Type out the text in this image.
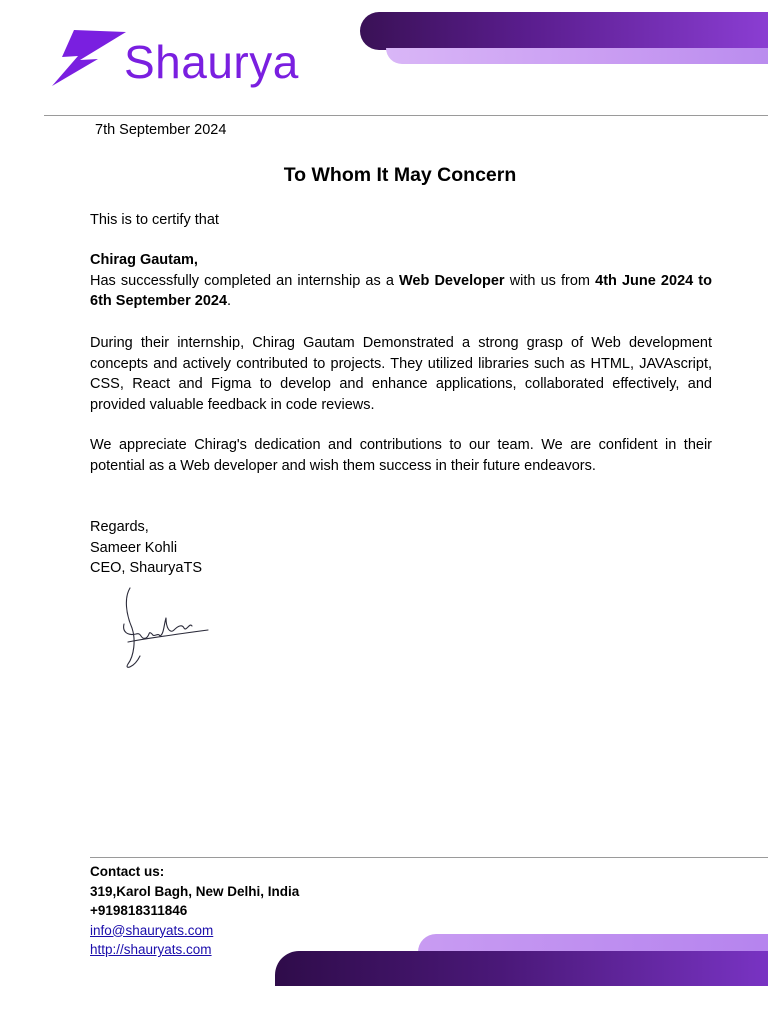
Shaurya
7th September 2024
To Whom It May Concern
This is to certify that
Chirag Gautam,
Has successfully completed an internship as a Web Developer with us from 4th June 2024 to 6th September 2024.
During their internship, Chirag Gautam Demonstrated a strong grasp of Web development concepts and actively contributed to projects. They utilized libraries such as HTML, JAVAscript, CSS, React and Figma to develop and enhance applications, collaborated effectively, and provided valuable feedback in code reviews.
We appreciate Chirag's dedication and contributions to our team. We are confident in their potential as a Web developer and wish them success in their future endeavors.
Regards,
Sameer Kohli
CEO, ShauryaTS
Contact us:
319,Karol Bagh, New Delhi, India
+919818311846
info@shauryats.com
http://shauryats.com
